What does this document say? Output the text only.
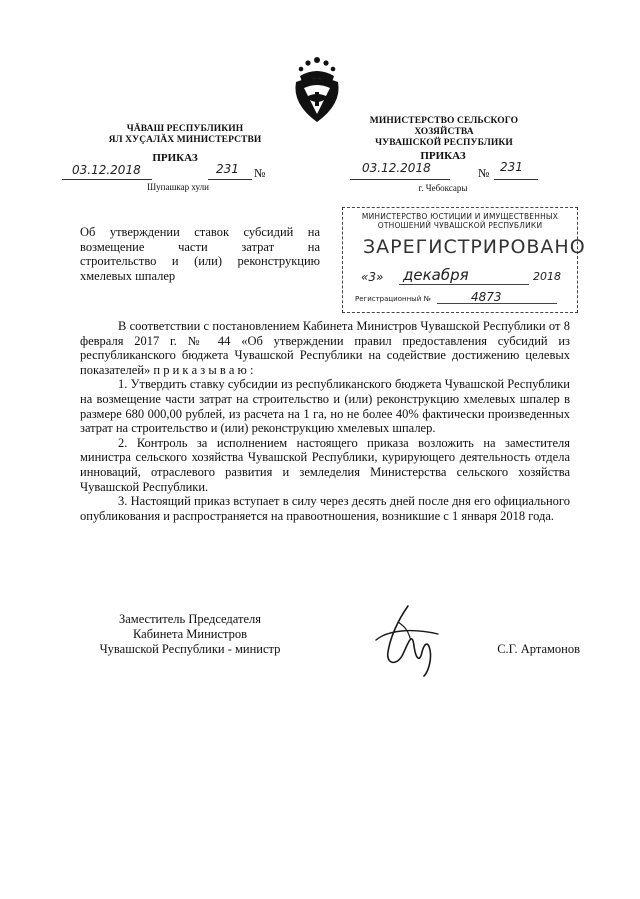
ЧĂВАШ РЕСПУБЛИКИН
ЯЛ ХУÇАЛĂХ МИНИСТЕРСТВИ
МИНИСТЕРСТВО СЕЛЬСКОГО ХОЗЯЙСТВА
ЧУВАШСКОЙ РЕСПУБЛИКИ
ПРИКАЗ	ПРИКАЗ
03.12.2018	231 №
Шупашкар хули
03.12.2018	№ 231
г. Чебоксары
Об утверждении ставок субсидий на
возмещение части затрат на
строительство и (или) реконструкцию
хмелевых шпалер
МИНИСТЕРСТВО ЮСТИЦИИ И ИМУЩЕСТВЕННЫХ
ОТНОШЕНИЙ ЧУВАШСКОЙ РЕСПУБЛИКИ
ЗАРЕГИСТРИРОВАНО
«3» декабря	2018
Регистрационный №	4873

В соответствии с постановлением Кабинета Министров Чувашской Республики от 8 февраля 2017 г. № 44 «Об утверждении правил предоставления субсидий из республиканского бюджета Чувашской Республики на содействие достижению целевых показателей» п р и к а з ы в а ю :

1. Утвердить ставку субсидии из республиканского бюджета Чувашской Республики на возмещение части затрат на строительство и (или) реконструкцию хмелевых шпалер в размере 680 000,00 рублей, из расчета на 1 га, но не более 40% фактически произведенных затрат на строительство и (или) реконструкцию хмелевых шпалер.

2. Контроль за исполнением настоящего приказа возложить на заместителя министра сельского хозяйства Чувашской Республики, курирующего деятельность отдела инноваций, отраслевого развития и земледелия Министерства сельского хозяйства Чувашской Республики.

3. Настоящий приказ вступает в силу через десять дней после дня его официального опубликования и распространяется на правоотношения, возникшие с 1 января 2018 года.

Заместитель Председателя
Кабинета Министров
Чувашской Республики - министр	С.Г. Артамонов
